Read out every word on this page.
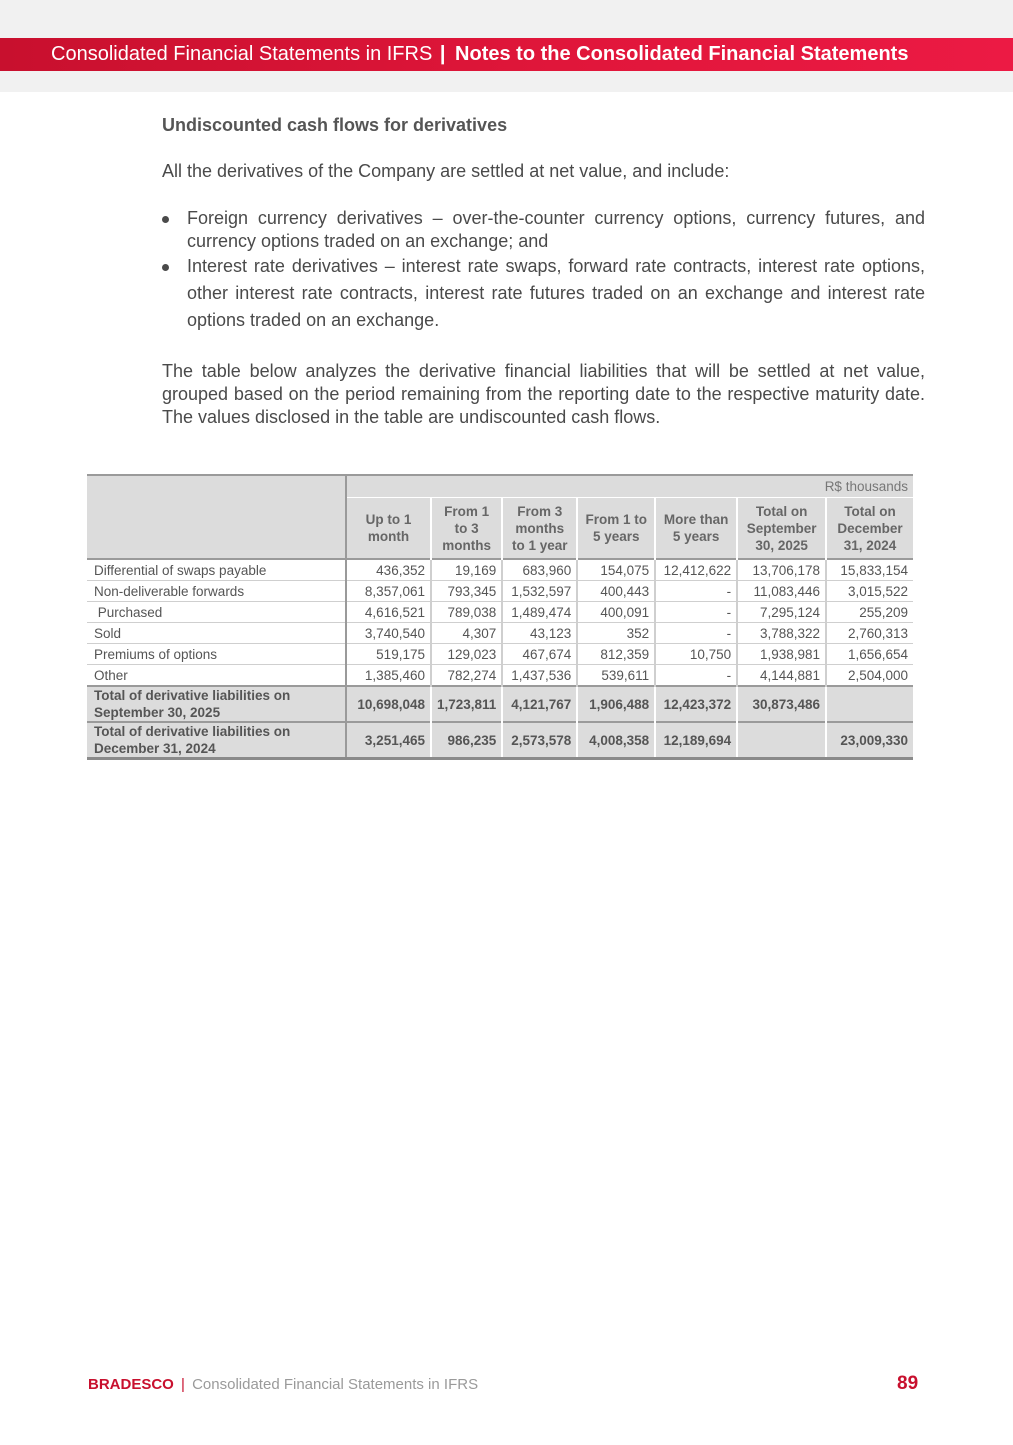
Consolidated Financial Statements in IFRS | Notes to the Consolidated Financial Statements
Undiscounted cash flows for derivatives

All the derivatives of the Company are settled at net value, and include:

Foreign currency derivatives – over-the-counter currency options, currency futures, and currency options traded on an exchange; and
Interest rate derivatives – interest rate swaps, forward rate contracts, interest rate options, other interest rate contracts, interest rate futures traded on an exchange and interest rate options traded on an exchange.

The table below analyzes the derivative financial liabilities that will be settled at net value, grouped based on the period remaining from the reporting date to the respective maturity date. The values disclosed in the table are undiscounted cash flows.

	R$ thousands						
	Up to 1 month	From 1 to 3 months	From 3 months to 1 year	From 1 to 5 years	More than 5 years	Total on September 30, 2025	Total on December 31, 2024
Differential of swaps payable	436,352	19,169	683,960	154,075	12,412,622	13,706,178	15,833,154
Non-deliverable forwards	8,357,061	793,345	1,532,597	400,443	-	11,083,446	3,015,522
Purchased	4,616,521	789,038	1,489,474	400,091	-	7,295,124	255,209
Sold	3,740,540	4,307	43,123	352	-	3,788,322	2,760,313
Premiums of options	519,175	129,023	467,674	812,359	10,750	1,938,981	1,656,654
Other	1,385,460	782,274	1,437,536	539,611	-	4,144,881	2,504,000
Total of derivative liabilities on September 30, 2025	10,698,048	1,723,811	4,121,767	1,906,488	12,423,372	30,873,486	
Total of derivative liabilities on December 31, 2024	3,251,465	986,235	2,573,578	4,008,358	12,189,694		23,009,330
BRADESCO | Consolidated Financial Statements in IFRS	89
